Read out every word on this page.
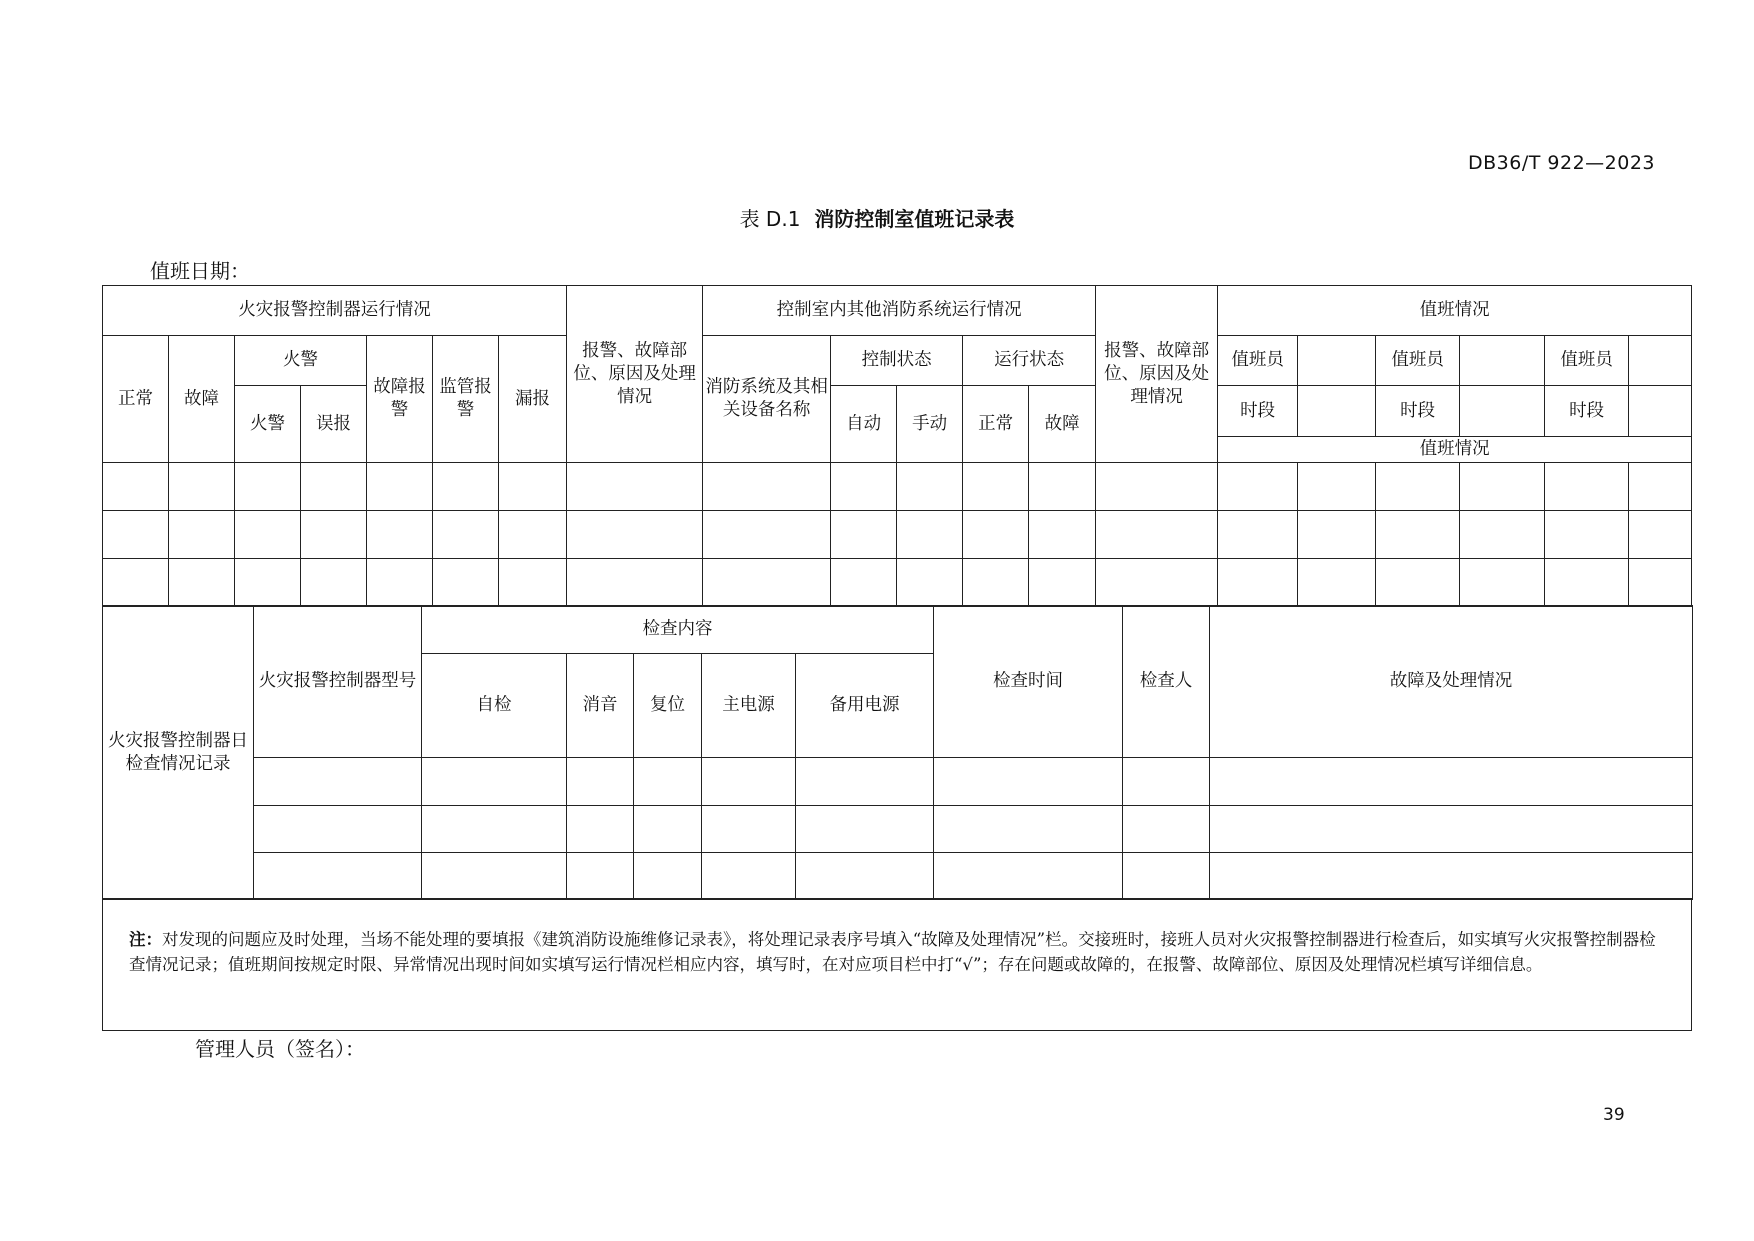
DB36/T 922—2023
表 D.1 消防控制室值班记录表
值班日期：
火灾报警控制器运行情况							报警、故障部位、原因及处理情况	控制室内其他消防系统运行情况					报警、故障部位、原因及处理情况	值班情况					
正常	故障	火警		故障报警	监管报警	漏报		消防系统及其相关设备名称	控制状态		运行状态			值班员		值班员		值班员	
		火警	误报						自动	手动	正常	故障		时段		时段		时段	
														值班情况					

火灾报警控制器日检查情况记录	火灾报警控制器型号	检查内容					检查时间	检查人	故障及处理情况
		自检	消音	复位	主电源	备用电源			

注：对发现的问题应及时处理，当场不能处理的要填报《建筑消防设施维修记录表》，将处理记录表序号填入“故障及处理情况”栏。交接班时，接班人员对火灾报警控制器进行检查后，如实填写火灾报警控制器检查情况记录；值班期间按规定时限、异常情况出现时间如实填写运行情况栏相应内容，填写时，在对应项目栏中打“√”；存在问题或故障的，在报警、故障部位、原因及处理情况栏填写详细信息。
管理人员（签名）：
39
